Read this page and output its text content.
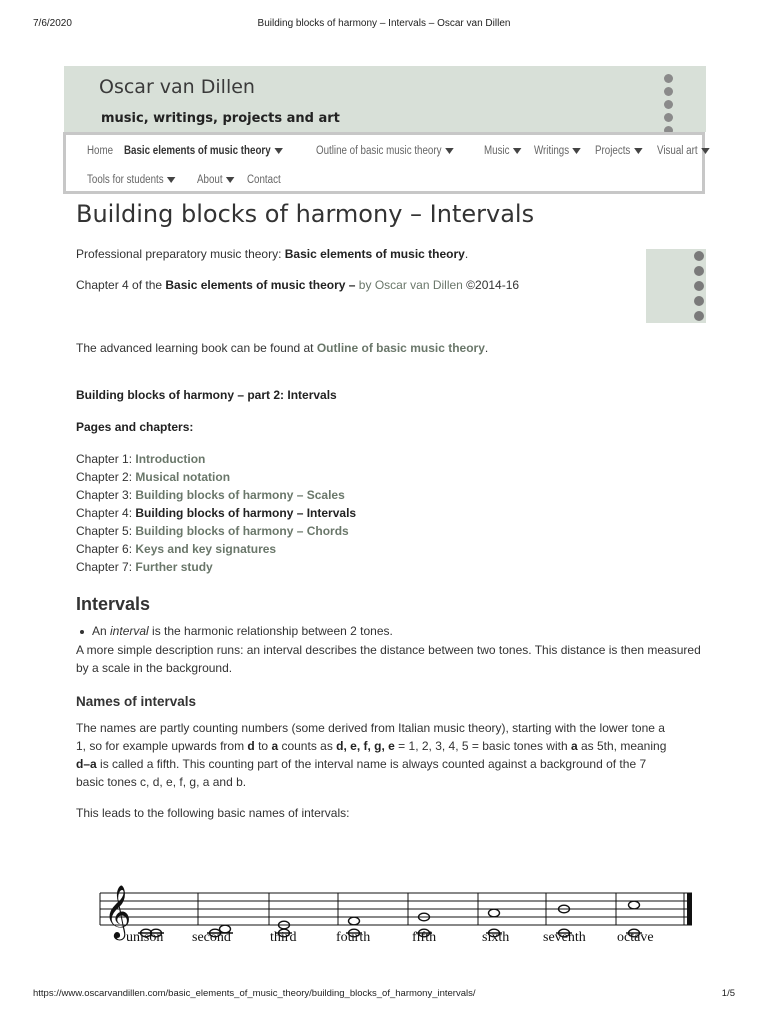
7/6/2020	Building blocks of harmony – Intervals – Oscar van Dillen
Oscar van Dillen
music, writings, projects and art
Home Basic elements of music theory	Outline of basic music theory	Music Writings Projects Visual art
Tools for students	About Contact
Building blocks of harmony – Intervals

Professional preparatory music theory: Basic elements of music theory.

Chapter 4 of the Basic elements of music theory – by Oscar van Dillen ©2014-16

The advanced learning book can be found at Outline of basic music theory.

Building blocks of harmony – part 2: Intervals

Pages and chapters:

Chapter 1: Introduction
Chapter 2: Musical notation
Chapter 3: Building blocks of harmony – Scales
Chapter 4: Building blocks of harmony – Intervals
Chapter 5: Building blocks of harmony – Chords
Chapter 6: Keys and key signatures
Chapter 7: Further study
Intervals
An interval is the harmonic relationship between 2 tones.

A more simple description runs: an interval describes the distance between two tones. This distance is then measured by a scale in the background.

Names of intervals

The names are partly counting numbers (some derived from Italian music theory), starting with the lower tone a
1, so for example upwards from d to a counts as d, e, f, g, e = 1, 2, 3, 4, 5 = basic tones with a as 5th, meaning
d–a is called a fifth. This counting part of the interval name is always counted against a background of the 7
basic tones c, d, e, f, g, a and b.

This leads to the following basic names of intervals:

𝄞
unison second	third	fourth	fifth	sixth seventh octave
https://www.oscarvandillen.com/basic_elements_of_music_theory/building_blocks_of_harmony_intervals/	1/5
